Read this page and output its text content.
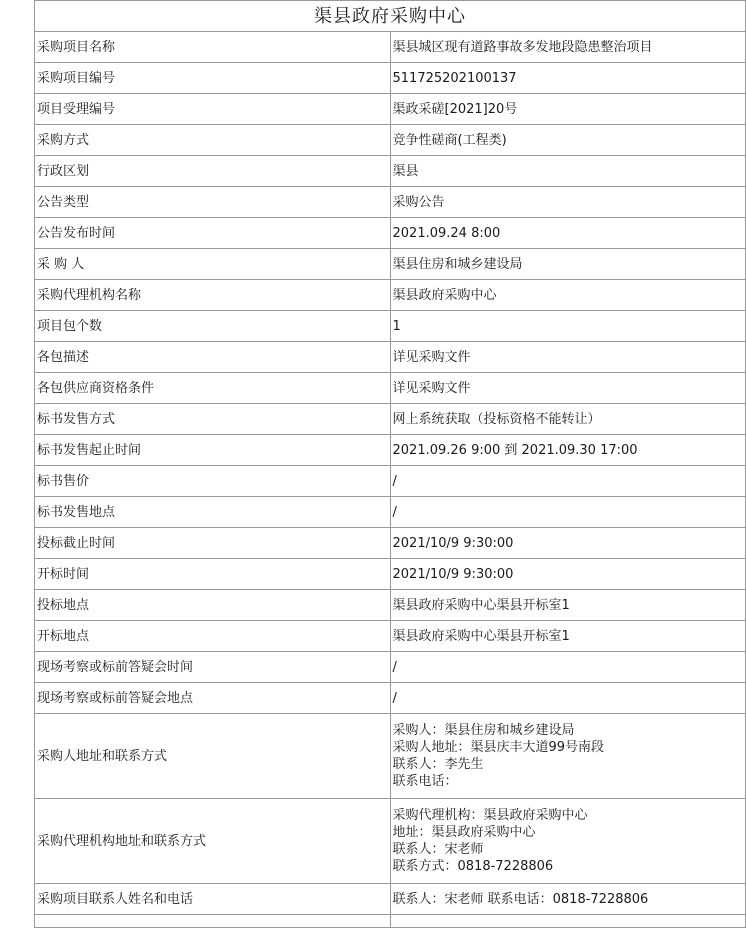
渠县政府采购中心	
采购项目名称	渠县城区现有道路事故多发地段隐患整治项目
采购项目编号	511725202100137
项目受理编号	渠政采磋[2021]20号
采购方式	竞争性磋商(工程类)
行政区划	渠县
公告类型	采购公告
公告发布时间	2021.09.24 8:00
采 购 人	渠县住房和城乡建设局
采购代理机构名称	渠县政府采购中心
项目包个数	1
各包描述	详见采购文件
各包供应商资格条件	详见采购文件
标书发售方式	网上系统获取（投标资格不能转让）
标书发售起止时间	2021.09.26 9:00 到 2021.09.30 17:00
标书售价	/
标书发售地点	/
投标截止时间	2021/10/9 9:30:00
开标时间	2021/10/9 9:30:00
投标地点	渠县政府采购中心渠县开标室1
开标地点	渠县政府采购中心渠县开标室1
现场考察或标前答疑会时间	/
现场考察或标前答疑会地点	/
采购人地址和联系方式	采购人：渠县住房和城乡建设局
采购人地址：渠县庆丰大道99号南段
联系人：李先生
联系电话：

采购代理机构地址和联系方式	采购代理机构：渠县政府采购中心
地址：渠县政府采购中心
联系人：宋老师
联系方式：0818-7228806

采购项目联系人姓名和电话	联系人：宋老师 联系电话：0818-7228806
